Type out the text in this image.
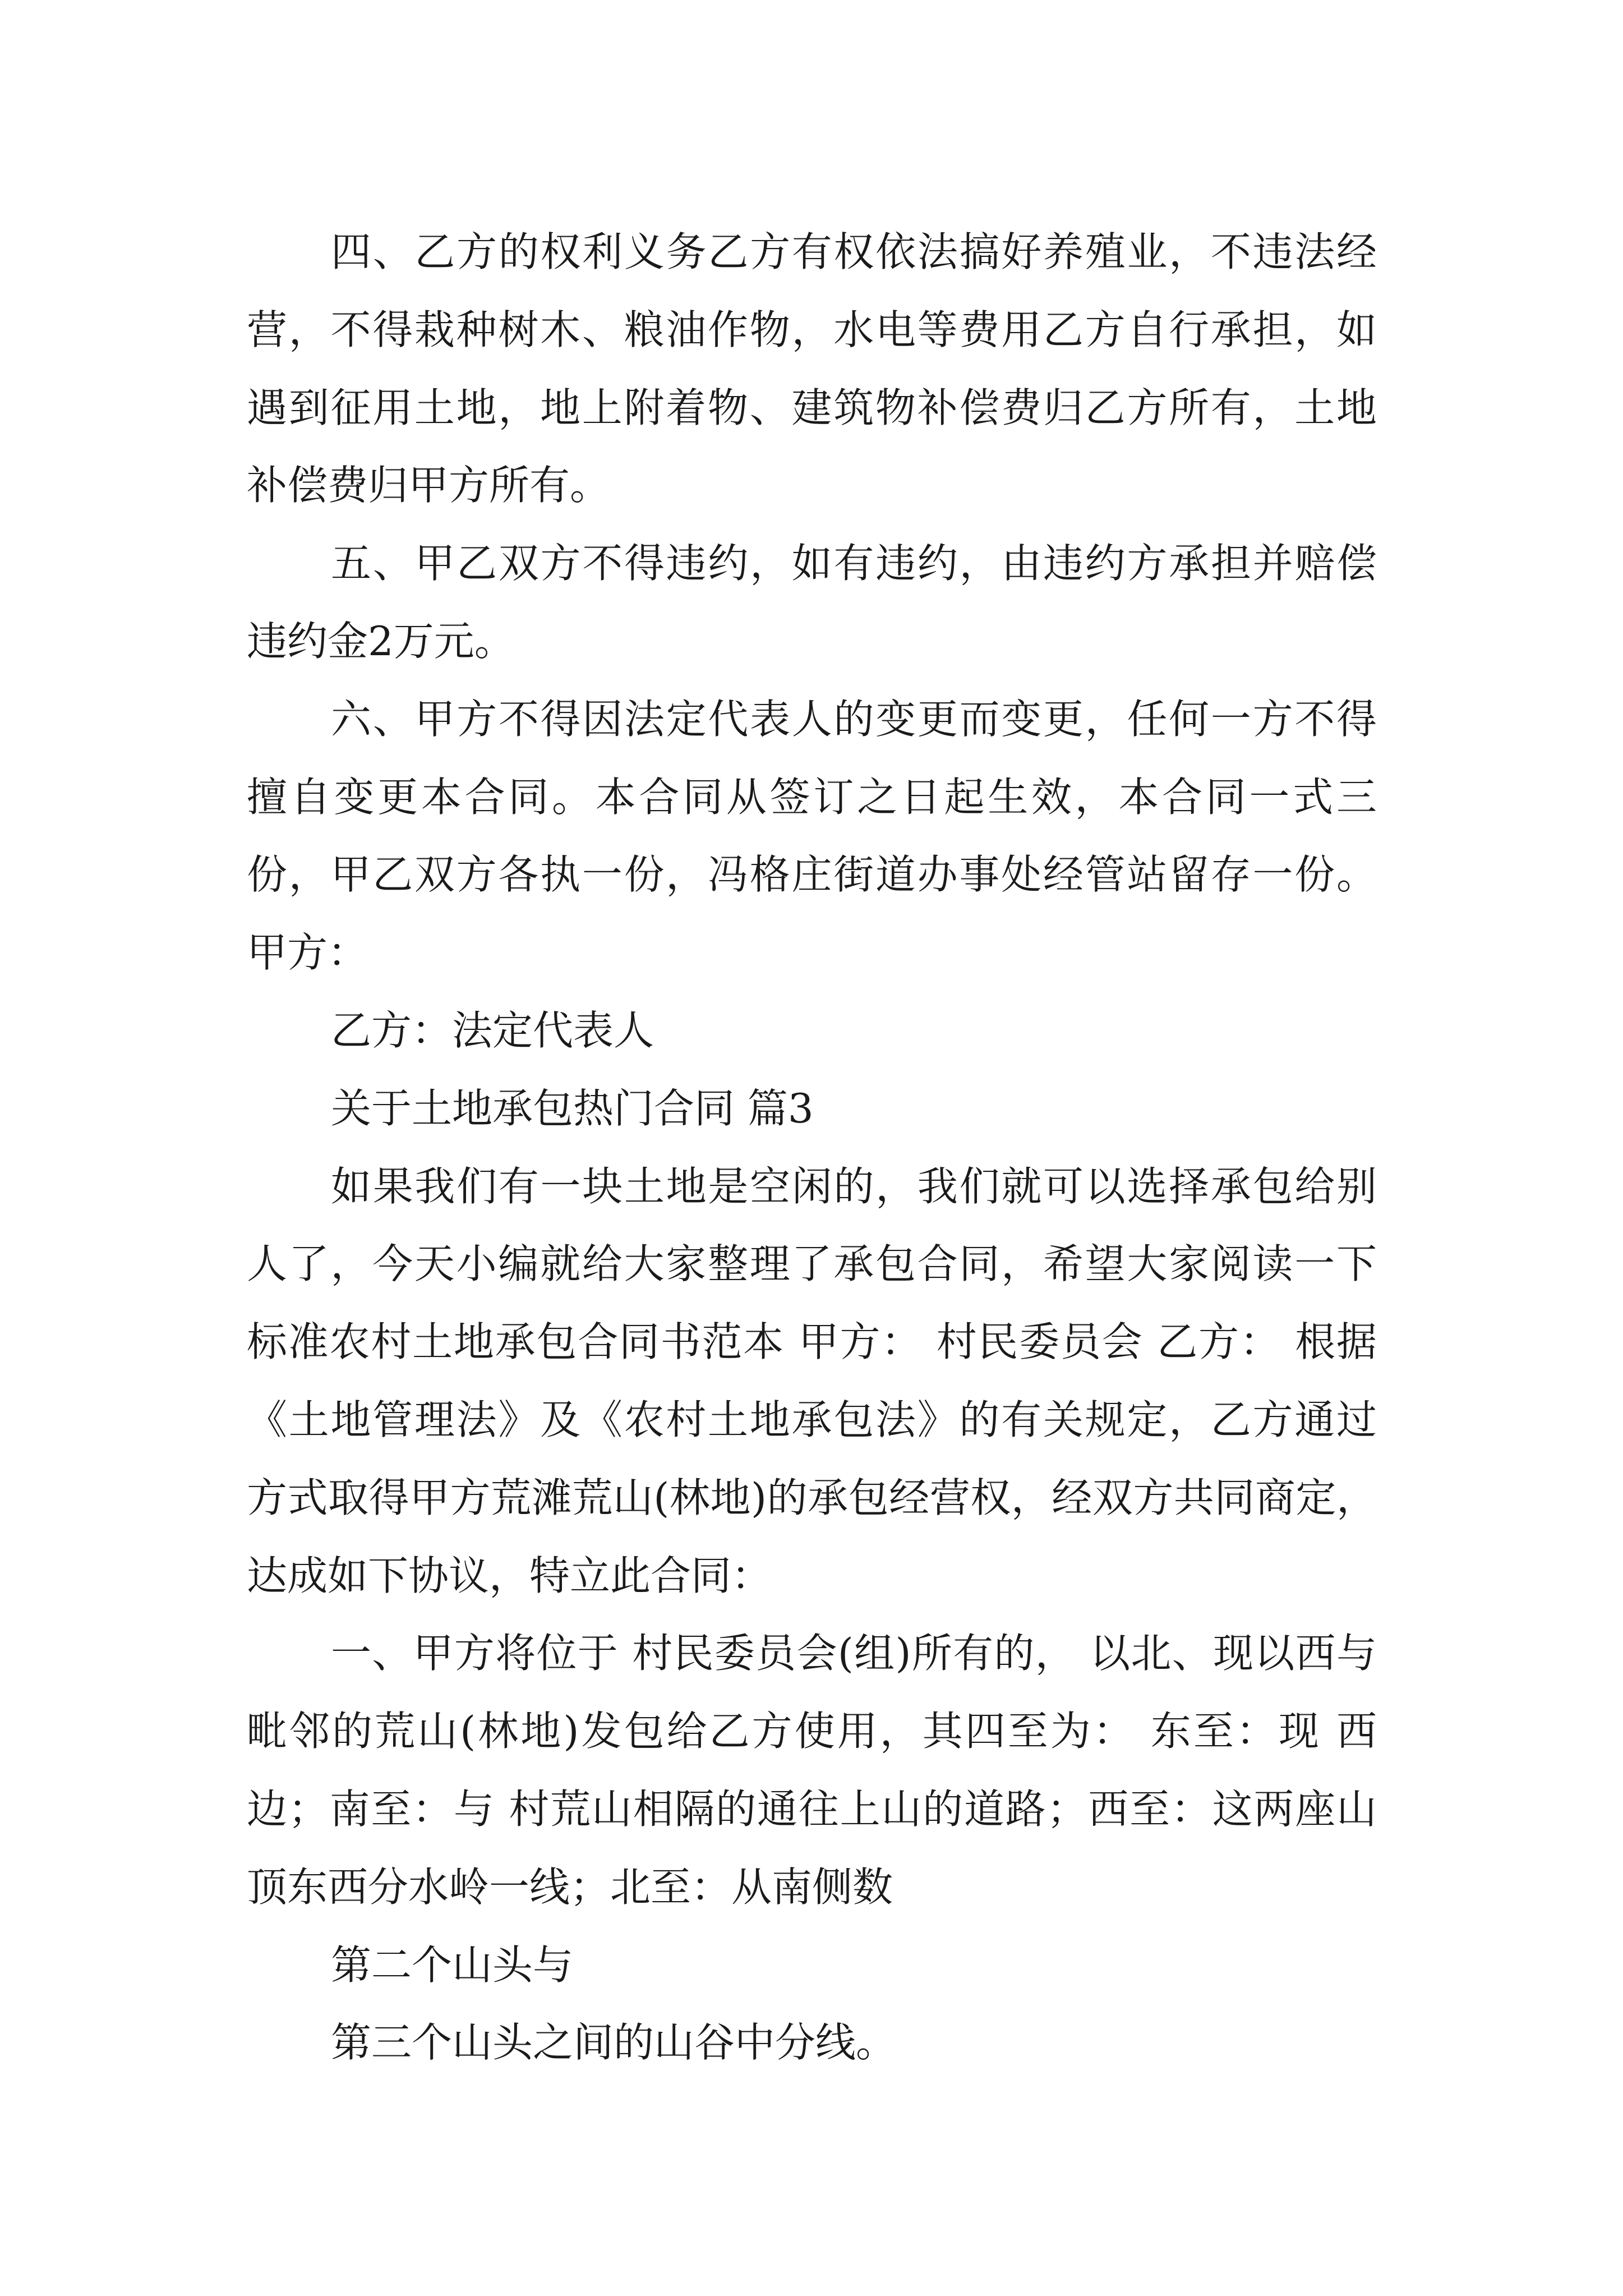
四、乙方的权利义务乙方有权依法搞好养殖业，不违法经营，不得栽种树木、粮油作物，水电等费用乙方自行承担，如遇到征用土地，地上附着物、建筑物补偿费归乙方所有，土地补偿费归甲方所有。

五、甲乙双方不得违约，如有违约，由违约方承担并赔偿违约金2万元。

六、甲方不得因法定代表人的变更而变更，任何一方不得擅自变更本合同。本合同从签订之日起生效，本合同一式三份，甲乙双方各执一份，冯格庄街道办事处经管站留存一份。甲方：

乙方：法定代表人

关于土地承包热门合同 篇3

如果我们有一块土地是空闲的，我们就可以选择承包给别人了，今天小编就给大家整理了承包合同，希望大家阅读一下 标准农村土地承包合同书范本 甲方： 村民委员会 乙方： 根据《土地管理法》及《农村土地承包法》的有关规定，乙方通过 方式取得甲方荒滩荒山(林地)的承包经营权，经双方共同商定，达成如下协议，特立此合同：

一、甲方将位于 村民委员会(组)所有的， 以北、现以西与 毗邻的荒山(林地)发包给乙方使用，其四至为： 东至：现 西边；南至：与 村荒山相隔的通往上山的道路；西至：这两座山顶东西分水岭一线；北至：从南侧数

第二个山头与

第三个山头之间的山谷中分线。
